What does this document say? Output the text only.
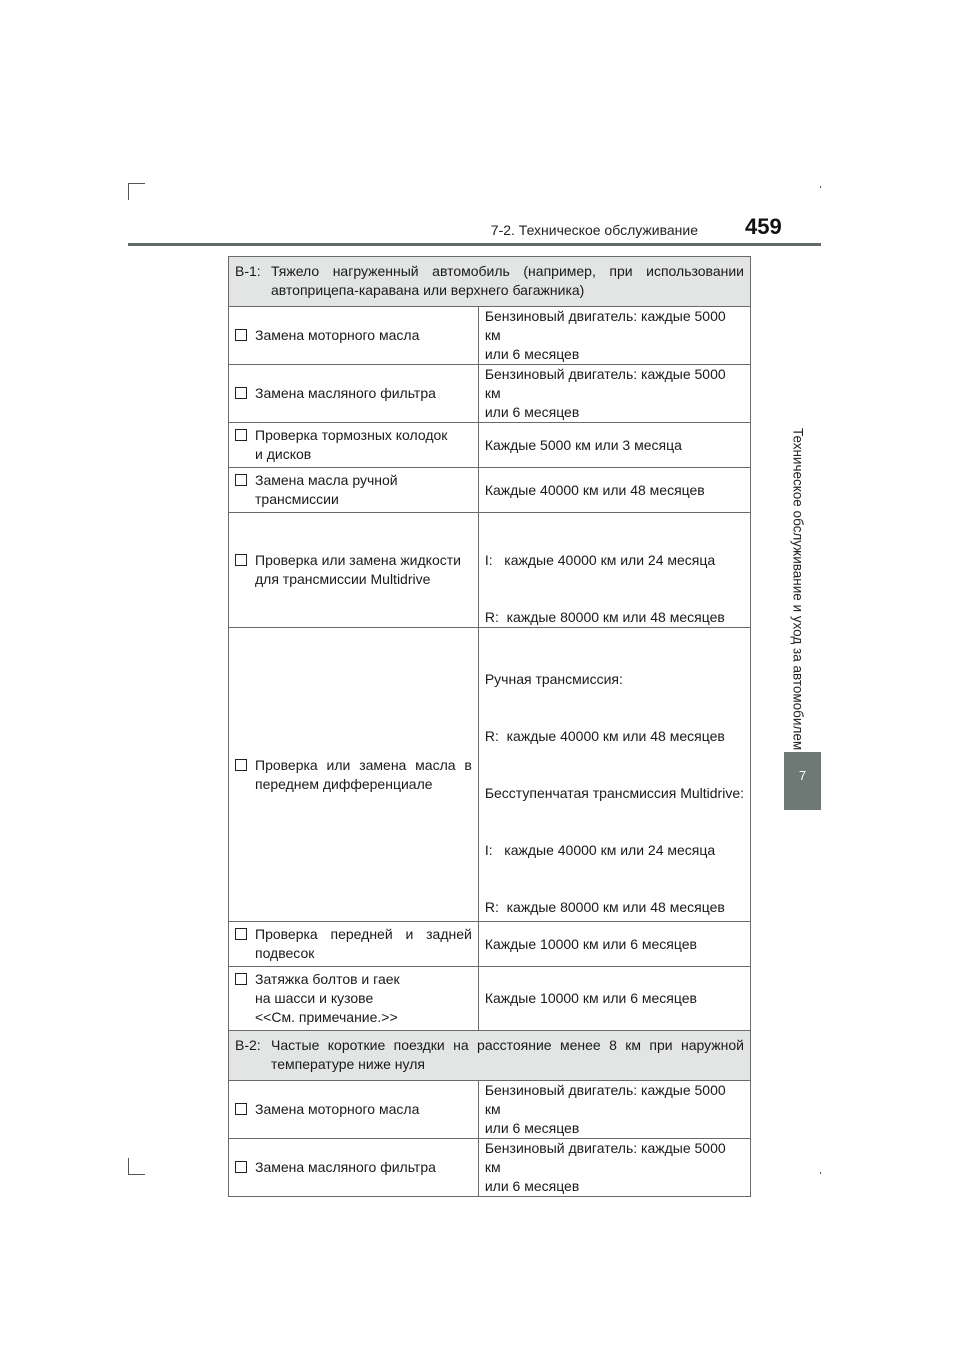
7-2. Техническое обслуживание 459
Техническое обслуживание и уход за автомобилем
7
B-1: Тяжело нагруженный автомобиль (например, при использовании автоприцепа-каравана или верхнего багажника)	

Замена моторного масла	Бензиновый двигатель: каждые 5000 км
или 6 месяцев

Замена масляного фильтра	Бензиновый двигатель: каждые 5000 км
или 6 месяцев

Проверка тормозных колодок
и дисков	Каждые 5000 км или 3 месяца

Замена масла ручной
трансмиссии	Каждые 40000 км или 48 месяцев

Проверка или замена жидкости
для трансмиссии Multidrive	I:   каждые 40000 км или 24 месяца

R:  каждые 80000 км или 48 месяцев

Проверка или замена масла в
переднем дифференциале	Ручная трансмиссия:

R:  каждые 40000 км или 48 месяцев

Бесступенчатая трансмиссия Multidrive:

I:   каждые 40000 км или 24 месяца

R:  каждые 80000 км или 48 месяцев

Проверка передней и задней
подвесок	Каждые 10000 км или 6 месяцев

Затяжка болтов и гаек
на шасси и кузове
<<См. примечание.>>	Каждые 10000 км или 6 месяцев

B-2: Частые короткие поездки на расстояние менее 8 км при наружной температуре ниже нуля	

Замена моторного масла	Бензиновый двигатель: каждые 5000 км
или 6 месяцев

Замена масляного фильтра	Бензиновый двигатель: каждые 5000 км
или 6 месяцев
